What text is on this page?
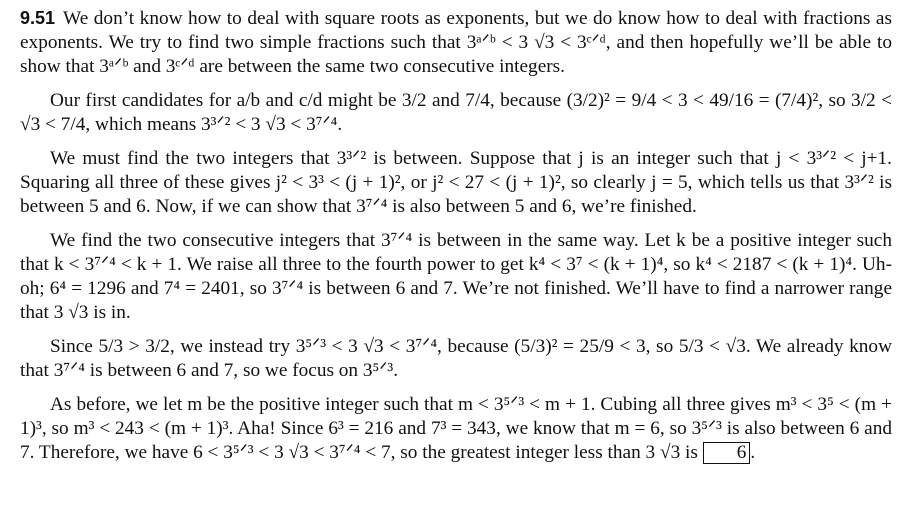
9.51 We don’t know how to deal with square roots as exponents, but we do know how to deal with fractions as exponents. We try to find two simple fractions such that 3ᵃᐟᵇ < 3 √3 < 3ᶜᐟᵈ, and then hopefully we’ll be able to show that 3ᵃᐟᵇ and 3ᶜᐟᵈ are between the same two consecutive integers.

Our first candidates for a/b and c/d might be 3/2 and 7/4, because (3/2)² = 9/4 < 3 < 49/16 = (7/4)², so 3/2 < √3 < 7/4, which means 3³ᐟ² < 3 √3 < 3⁷ᐟ⁴.

We must find the two integers that 3³ᐟ² is between. Suppose that j is an integer such that j < 3³ᐟ² < j+1. Squaring all three of these gives j² < 3³ < (j + 1)², or j² < 27 < (j + 1)², so clearly j = 5, which tells us that 3³ᐟ² is between 5 and 6. Now, if we can show that 3⁷ᐟ⁴ is also between 5 and 6, we’re finished.

We find the two consecutive integers that 3⁷ᐟ⁴ is between in the same way. Let k be a positive integer such that k < 3⁷ᐟ⁴ < k + 1. We raise all three to the fourth power to get k⁴ < 3⁷ < (k + 1)⁴, so k⁴ < 2187 < (k + 1)⁴. Uh-oh; 6⁴ = 1296 and 7⁴ = 2401, so 3⁷ᐟ⁴ is between 6 and 7. We’re not finished. We’ll have to find a narrower range that 3 √3 is in.

Since 5/3 > 3/2, we instead try 3⁵ᐟ³ < 3 √3 < 3⁷ᐟ⁴, because (5/3)² = 25/9 < 3, so 5/3 < √3. We already know that 3⁷ᐟ⁴ is between 6 and 7, so we focus on 3⁵ᐟ³.

As before, we let m be the positive integer such that m < 3⁵ᐟ³ < m + 1. Cubing all three gives m³ < 3⁵ < (m + 1)³, so m³ < 243 < (m + 1)³. Aha! Since 6³ = 216 and 7³ = 343, we know that m = 6, so 3⁵ᐟ³ is also between 6 and 7. Therefore, we have 6 < 3⁵ᐟ³ < 3 √3 < 3⁷ᐟ⁴ < 7, so the greatest integer less than 3 √3 is 6 .
